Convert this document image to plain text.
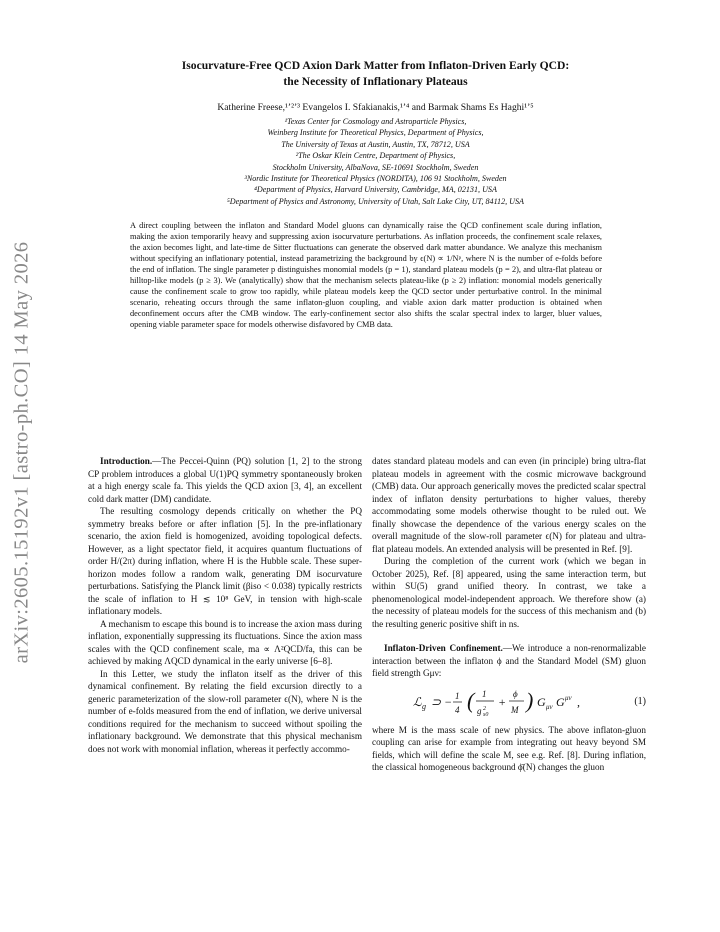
arXiv:2605.15192v1 [astro-ph.CO] 14 May 2026
Isocurvature-Free QCD Axion Dark Matter from Inflaton-Driven Early QCD:
the Necessity of Inflationary Plateaus
Katherine Freese,¹ʼ²ʼ³ Evangelos I. Sfakianakis,¹ʼ⁴ and Barmak Shams Es Haghi¹ʼ⁵
¹Texas Center for Cosmology and Astroparticle Physics,
Weinberg Institute for Theoretical Physics, Department of Physics,
The University of Texas at Austin, Austin, TX, 78712, USA
²The Oskar Klein Centre, Department of Physics,
Stockholm University, AlbaNova, SE-10691 Stockholm, Sweden
³Nordic Institute for Theoretical Physics (NORDITA), 106 91 Stockholm, Sweden
⁴Department of Physics, Harvard University, Cambridge, MA, 02131, USA
⁵Department of Physics and Astronomy, University of Utah, Salt Lake City, UT, 84112, USA
A direct coupling between the inflaton and Standard Model gluons can dynamically raise the QCD confinement scale during inflation, making the axion temporarily heavy and suppressing axion isocurvature perturbations. As inflation proceeds, the confinement scale relaxes, the axion becomes light, and late-time de Sitter fluctuations can generate the observed dark matter abundance. We analyze this mechanism without specifying an inflationary potential, instead parametrizing the background by ϵ(N) ∝ 1/Nᵖ, where N is the number of e-folds before the end of inflation. The single parameter p distinguishes monomial models (p = 1), standard plateau models (p = 2), and ultra-flat plateau or hilltop-like models (p ≥ 3). We (analytically) show that the mechanism selects plateau-like (p ≥ 2) inflation: monomial models generically cause the confinement scale to grow too rapidly, while plateau models keep the QCD sector under perturbative control. In the minimal scenario, reheating occurs through the same inflaton-gluon coupling, and viable axion dark matter production is obtained when deconfinement occurs after the CMB window. The early-confinement sector also shifts the scalar spectral index to larger, bluer values, opening viable parameter space for models otherwise disfavored by CMB data.

Introduction.—The Peccei-Quinn (PQ) solution [1, 2] to the strong CP problem introduces a global U(1)PQ symmetry spontaneously broken at a high energy scale fa. This yields the QCD axion [3, 4], an excellent cold dark matter (DM) candidate.

The resulting cosmology depends critically on whether the PQ symmetry breaks before or after inflation [5]. In the pre-inflationary scenario, the axion field is homogenized, avoiding topological defects. However, as a light spectator field, it acquires quantum fluctuations of order H/(2π) during inflation, where H is the Hubble scale. These super-horizon modes follow a random walk, generating DM isocurvature perturbations. Satisfying the Planck limit (βiso < 0.038) typically restricts the scale of inflation to H ≲ 10⁸ GeV, in tension with high-scale inflationary models.

A mechanism to escape this bound is to increase the axion mass during inflation, exponentially suppressing its fluctuations. Since the axion mass scales with the QCD confinement scale, ma ∝ Λ²QCD/fa, this can be achieved by making ΛQCD dynamical in the early universe [6–8].

In this Letter, we study the inflaton itself as the driver of this dynamical confinement. By relating the field excursion directly to a generic parameterization of the slow-roll parameter ϵ(N), where N is the number of e-folds measured from the end of inflation, we derive universal conditions required for the mechanism to succeed without spoiling the inflationary background. We demonstrate that this physical mechanism does not work with monomial inflation, whereas it perfectly accommo-

dates standard plateau models and can even (in principle) bring ultra-flat plateau models in agreement with the cosmic microwave background (CMB) data. Our approach generically moves the predicted scalar spectral index of inflaton density perturbations to higher values, thereby accommodating some models otherwise thought to be ruled out. We finally showcase the dependence of the various energy scales on the overall magnitude of the slow-roll parameter ϵ(N) for plateau and ultra-flat plateau models. An extended analysis will be presented in Ref. [9].

During the completion of the current work (which we began in October 2025), Ref. [8] appeared, using the same interaction term, but within SU(5) grand unified theory. In contrast, we take a phenomenological model-independent approach. We therefore show (a) the necessity of plateau models for the success of this mechanism and (b) the resulting generic positive shift in ns.

Inflaton-Driven Confinement.—We introduce a non-renormalizable interaction between the inflaton ϕ and the Standard Model (SM) gluon field strength Gμν:

ℒ g ⊃ − 1
4 ( 1
g 2
s0
+
ϕ
M ) G μν G μν ,	(1)

where M is the mass scale of new physics. The above inflaton-gluon coupling can arise for example from integrating out heavy beyond SM fields, which will define the scale M, see e.g. Ref. [8]. During inflation, the classical homogeneous background ϕ̄(N) changes the gluon
